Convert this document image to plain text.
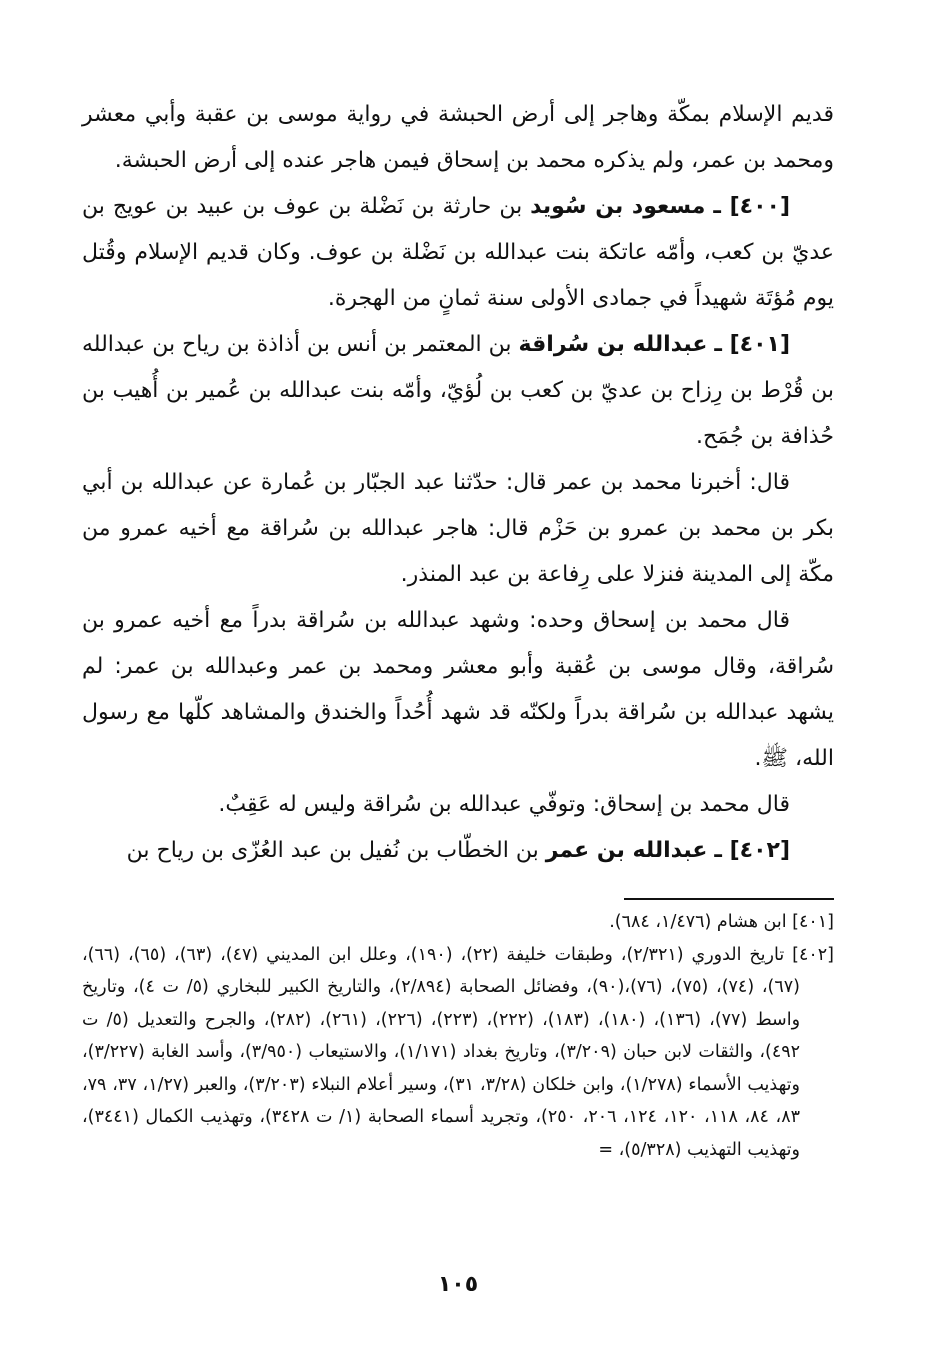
قديم الإسلام بمكّة وهاجر إلى أرض الحبشة في رواية موسى بن عقبة وأبي معشر ومحمد بن عمر، ولم يذكره محمد بن إسحاق فيمن هاجر عنده إلى أرض الحبشة.

[٤٠٠] ـ مسعود بن سُويد بن حارثة بن نَضْلة بن عوف بن عبيد بن عويج بن عديّ بن كعب، وأمّه عاتكة بنت عبدالله بن نَضْلة بن عوف. وكان قديم الإسلام وقُتل يوم مُؤتَة شهيداً في جمادى الأولى سنة ثمانٍ من الهجرة.

[٤٠١] ـ عبدالله بن سُراقة بن المعتمر بن أنس بن أذاذة بن رياح بن عبدالله بن قُرْط بن رِزاح بن عديّ بن كعب بن لُؤيّ، وأمّه بنت عبدالله بن عُمير بن أُهيب بن حُذافة بن جُمَح.

قال: أخبرنا محمد بن عمر قال: حدّثنا عبد الجبّار بن عُمارة عن عبدالله بن أبي بكر بن محمد بن عمرو بن حَزْم قال: هاجر عبدالله بن سُراقة مع أخيه عمرو من مكّة إلى المدينة فنزلا على رِفاعة بن عبد المنذر.

قال محمد بن إسحاق وحده: وشهد عبدالله بن سُراقة بدراً مع أخيه عمرو بن سُراقة، وقال موسى بن عُقبة وأبو معشر ومحمد بن عمر وعبدالله بن عمر: لم يشهد عبدالله بن سُراقة بدراً ولكنّه قد شهد أُحُداً والخندق والمشاهد كلّها مع رسول الله، ﷺ.

قال محمد بن إسحاق: وتوفّي عبدالله بن سُراقة وليس له عَقِبٌ.

[٤٠٢] ـ عبدالله بن عمر بن الخطّاب بن نُفيل بن عبد العُزّى بن رياح بن

[٤٠١] ابن هشام (١/٤٧٦، ٦٨٤).

[٤٠٢] تاريخ الدوري (٢/٣٢١)، وطبقات خليفة (٢٢)، (١٩٠)، وعلل ابن المديني (٤٧)، (٦٣)، (٦٥)، (٦٦)، (٦٧)، (٧٤)، (٧٥)، (٧٦)،(٩٠)، وفضائل الصحابة (٢/٨٩٤)، والتاريخ الكبير للبخاري (٥/ ت ٤)، وتاريخ واسط (٧٧)، (١٣٦)، (١٨٠)، (١٨٣)، (٢٢٢)، (٢٢٣)، (٢٢٦)، (٢٦١)، (٢٨٢)، والجرح والتعديل (٥/ ت ٤٩٢)، والثقات لابن حبان (٣/٢٠٩)، وتاريخ بغداد (١/١٧١)، والاستيعاب (٣/٩٥٠)، وأسد الغابة (٣/٢٢٧)، وتهذيب الأسماء (١/٢٧٨)، وابن خلكان (٣/٢٨، ٣١)، وسير أعلام النبلاء (٣/٢٠٣)، والعبر (١/٢٧، ٣٧، ٧٩، ٨٣، ٨٤، ١١٨، ١٢٠، ١٢٤، ٢٠٦، ٢٥٠)، وتجريد أسماء الصحابة (١/ ت ٣٤٢٨)، وتهذيب الكمال (٣٤٤١)، وتهذيب التهذيب (٥/٣٢٨)، =

١٠٥
